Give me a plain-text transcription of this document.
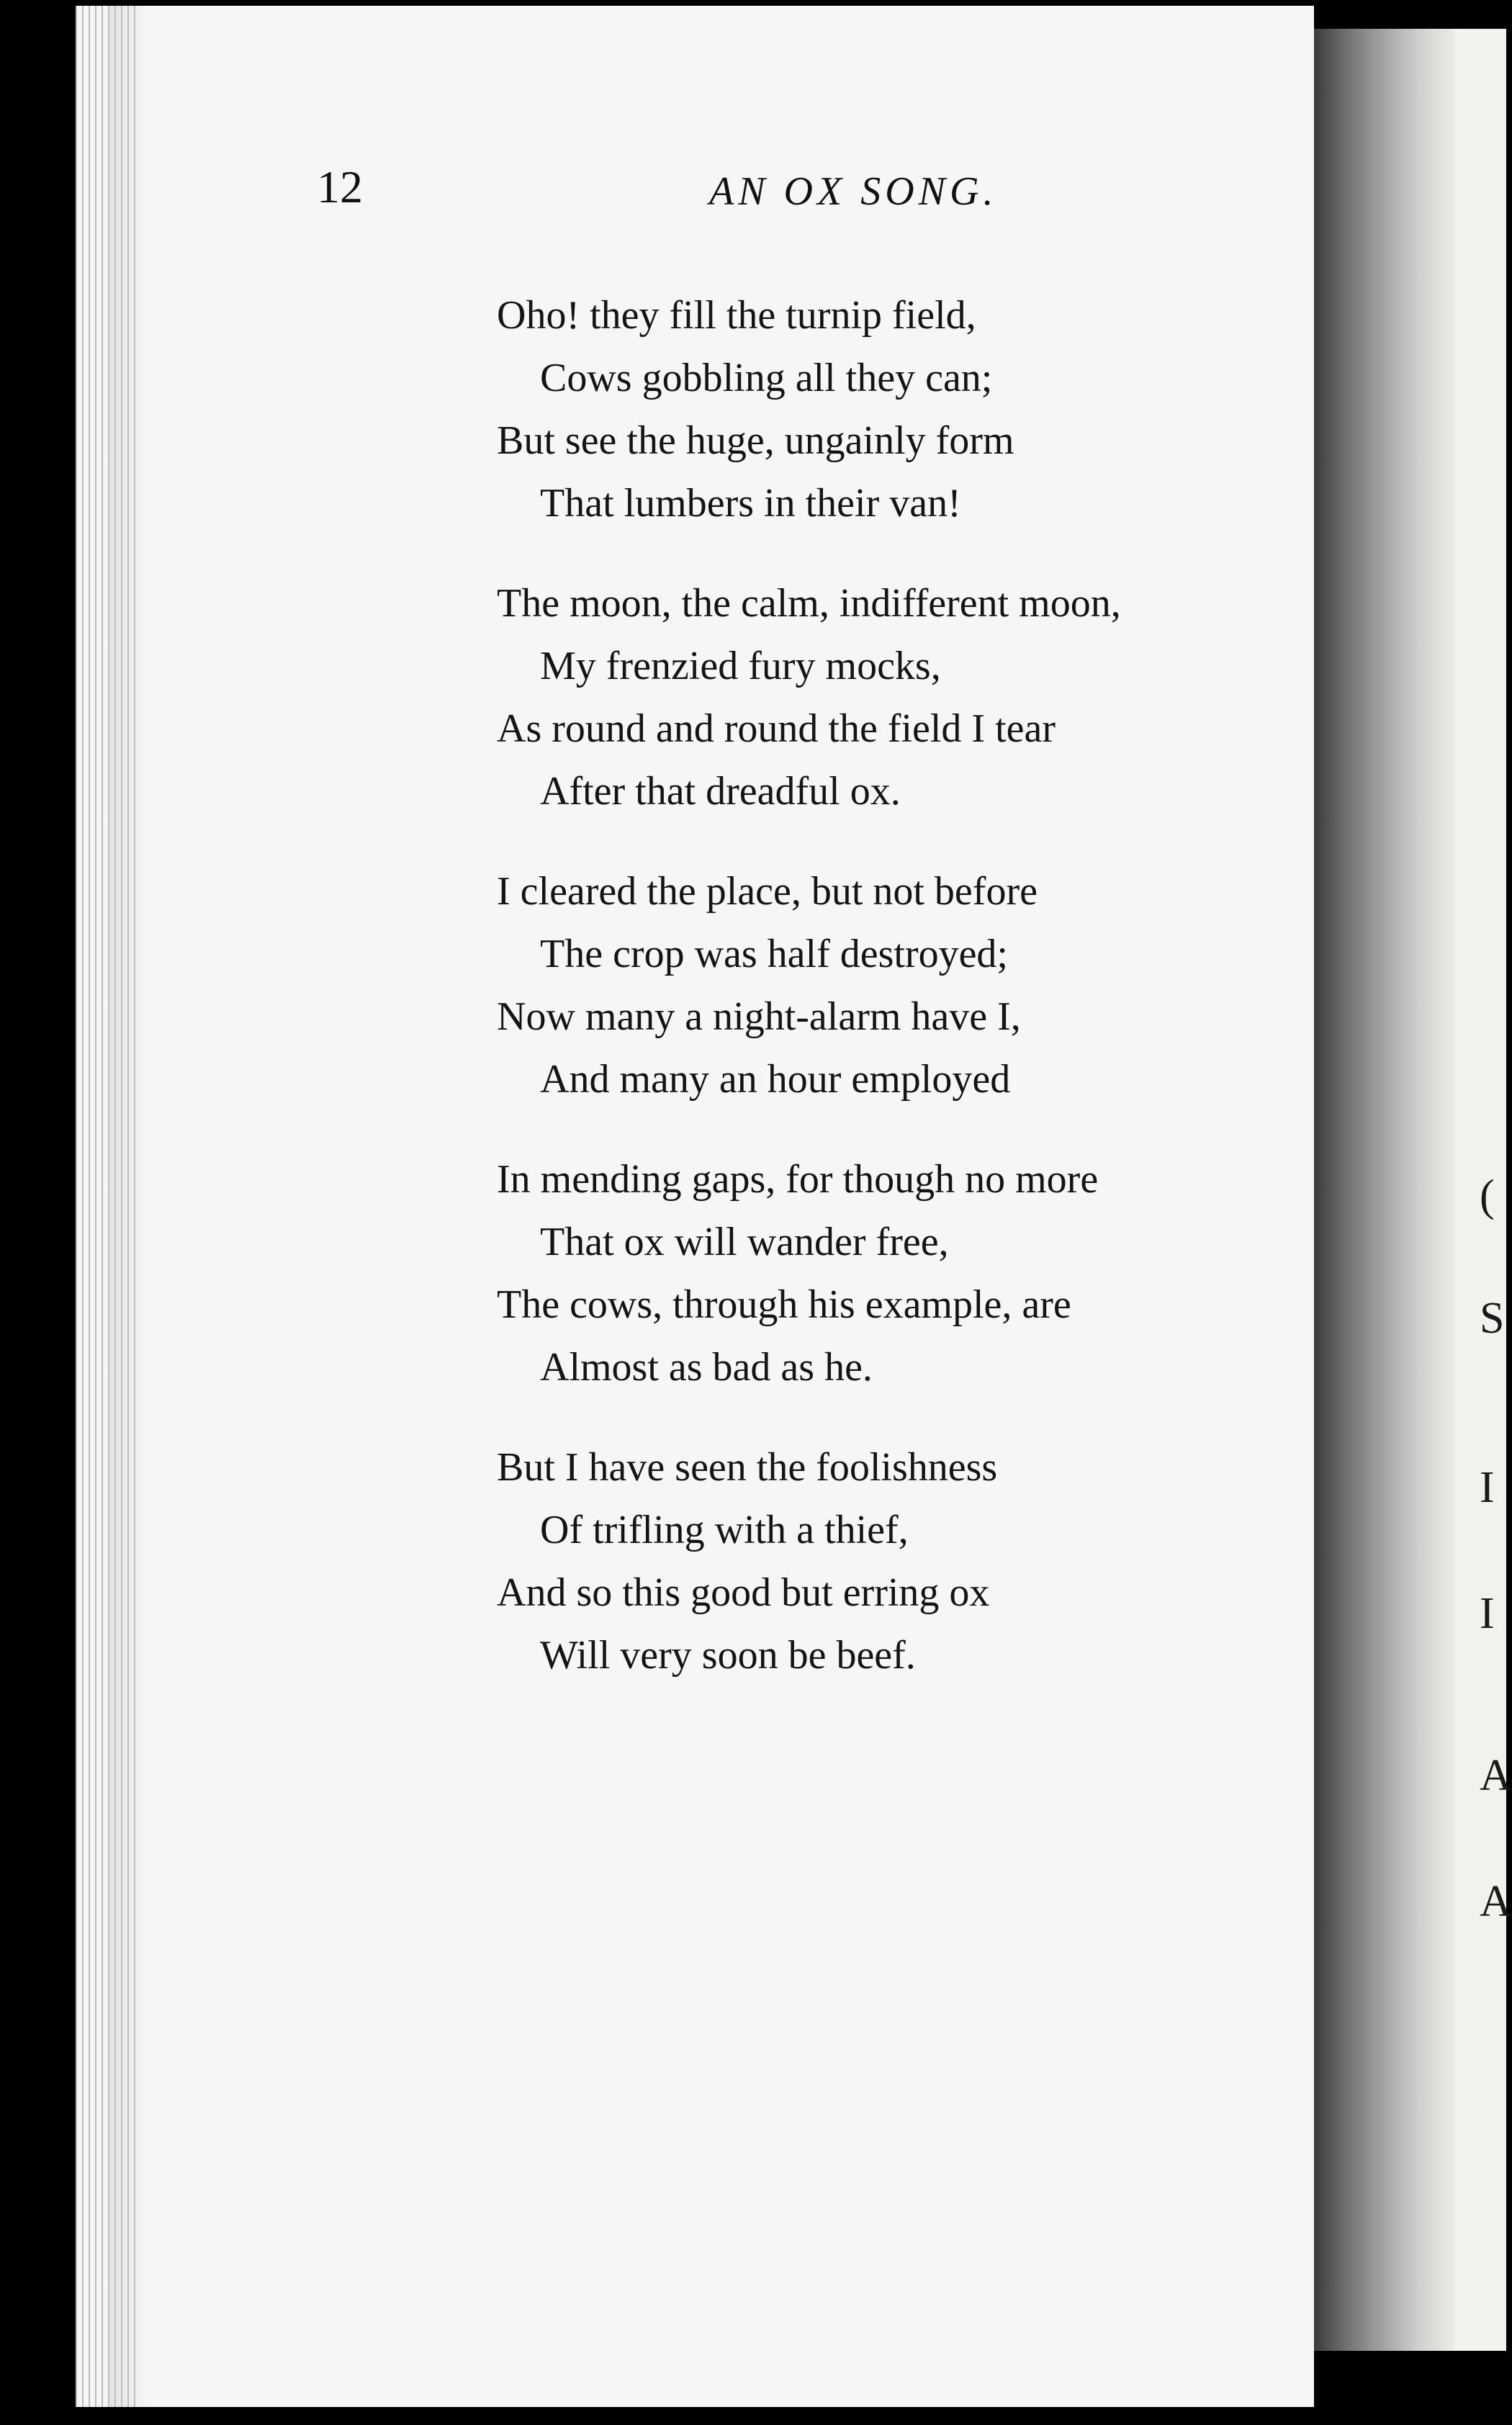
(
S
I
I
A
A
12	AN OX SONG.
Oho! they fill the turnip field,
Cows gobbling all they can;
But see the huge, ungainly form
That lumbers in their van!
The moon, the calm, indifferent moon,
My frenzied fury mocks,
As round and round the field I tear
After that dreadful ox.
I cleared the place, but not before
The crop was half destroyed;
Now many a night-alarm have I,
And many an hour employed
In mending gaps, for though no more
That ox will wander free,
The cows, through his example, are
Almost as bad as he.
But I have seen the foolishness
Of trifling with a thief,
And so this good but erring ox
Will very soon be beef.
